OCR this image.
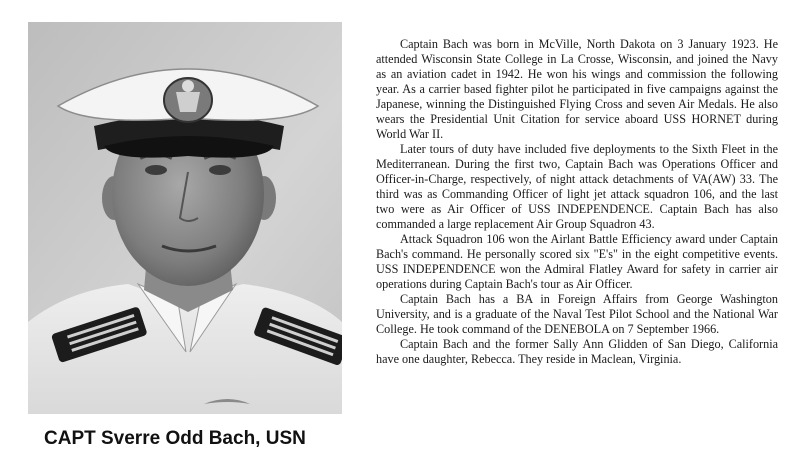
Captain Bach was born in McVille, North Dakota on 3 January 1923. He attended Wisconsin State College in La Crosse, Wisconsin, and joined the Navy as an aviation cadet in 1942. He won his wings and commission the following year. As a carrier based fighter pilot he participated in five campaigns against the Japanese, winning the Distinguished Flying Cross and seven Air Medals. He also wears the Presidential Unit Citation for service aboard USS HORNET during World War II.

Later tours of duty have included five deployments to the Sixth Fleet in the Mediterranean. During the first two, Captain Bach was Operations Officer and Officer-in-Charge, respectively, of night attack detachments of VA(AW) 33. The third was as Commanding Officer of light jet attack squadron 106, and the last two were as Air Officer of USS INDEPENDENCE. Captain Bach has also commanded a large replacement Air Group Squadron 43.

Attack Squadron 106 won the Airlant Battle Efficiency award under Captain Bach's command. He personally scored six "E's" in the eight competitive events. USS INDEPENDENCE won the Admiral Flatley Award for safety in carrier air operations during Captain Bach's tour as Air Officer.

Captain Bach has a BA in Foreign Affairs from George Washington University, and is a graduate of the Naval Test Pilot School and the National War College. He took command of the DENEBOLA on 7 September 1966.

Captain Bach and the former Sally Ann Glidden of San Diego, California have one daughter, Rebecca. They reside in Maclean, Virginia.

CAPT Sverre Odd Bach, USN
